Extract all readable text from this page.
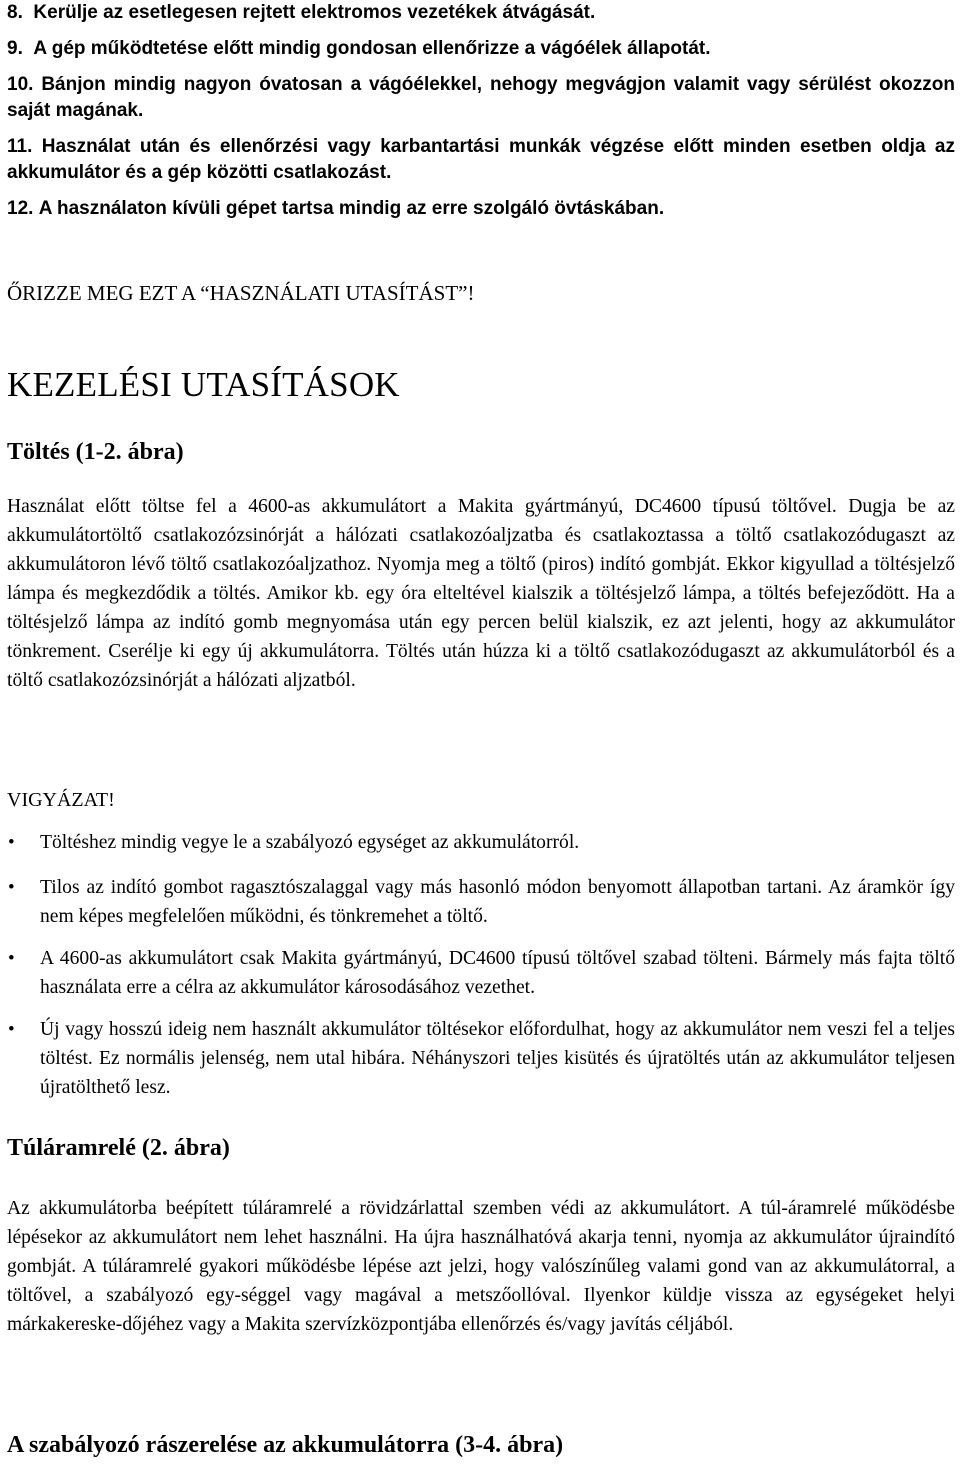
8. Kerülje az esetlegesen rejtett elektromos vezetékek átvágását.
9. A gép működtetése előtt mindig gondosan ellenőrizze a vágóélek állapotát.
10. Bánjon mindig nagyon óvatosan a vágóélekkel, nehogy megvágjon valamit vagy sérülést okozzon saját magának.
11. Használat után és ellenőrzési vagy karbantartási munkák végzése előtt minden esetben oldja az akkumulátor és a gép közötti csatlakozást.
12. A használaton kívüli gépet tartsa mindig az erre szolgáló övtáskában.
ŐRIZZE MEG EZT A “HASZNÁLATI UTASÍTÁST”!
KEZELÉSI UTASÍTÁSOK
Töltés (1-2. ábra)

Használat előtt töltse fel a 4600-as akkumulátort a Makita gyártmányú, DC4600 típusú töltővel. Dugja be az akkumulátortöltő csatlakozózsinórját a hálózati csatlakozóaljzatba és csatlakoztassa a töltő csatlakozódugaszt az akkumulátoron lévő töltő csatlakozóaljzathoz. Nyomja meg a töltő (piros) indító gombját. Ekkor kigyullad a töltésjelző lámpa és megkezdődik a töltés. Amikor kb. egy óra elteltével kialszik a töltésjelző lámpa, a töltés befejeződött. Ha a töltésjelző lámpa az indító gomb megnyomása után egy percen belül kialszik, ez azt jelenti, hogy az akkumulátor tönkrement. Cserélje ki egy új akkumulátorra. Töltés után húzza ki a töltő csatlakozódugaszt az akkumulátorból és a töltő csatlakozózsinórját a hálózati aljzatból.

VIGYÁZAT!
• Töltéshez mindig vegye le a szabályozó egységet az akkumulátorról.
• Tilos az indító gombot ragasztószalaggal vagy más hasonló módon benyomott állapotban tartani. Az áramkör így nem képes megfelelően működni, és tönkremehet a töltő.
• A 4600-as akkumulátort csak Makita gyártmányú, DC4600 típusú töltővel szabad tölteni. Bármely más fajta töltő használata erre a célra az akkumulátor károsodásához vezethet.
• Új vagy hosszú ideig nem használt akkumulátor töltésekor előfordulhat, hogy az akkumulátor nem veszi fel a teljes töltést. Ez normális jelenség, nem utal hibára. Néhányszori teljes kisütés és újratöltés után az akkumulátor teljesen újratölthető lesz.
Túláramrelé (2. ábra)

Az akkumulátorba beépített túláramrelé a rövidzárlattal szemben védi az akkumulátort. A túl-áramrelé működésbe lépésekor az akkumulátort nem lehet használni. Ha újra használhatóvá akarja tenni, nyomja az akkumulátor újraindító gombját. A túláramrelé gyakori működésbe lépése azt jelzi, hogy valószínűleg valami gond van az akkumulátorral, a töltővel, a szabályozó egy-séggel vagy magával a metszőollóval. Ilyenkor küldje vissza az egységeket helyi márkakereske-dőjéhez vagy a Makita szervízközpontjába ellenőrzés és/vagy javítás céljából.

A szabályozó rászerelése az akkumulátorra (3-4. ábra)
